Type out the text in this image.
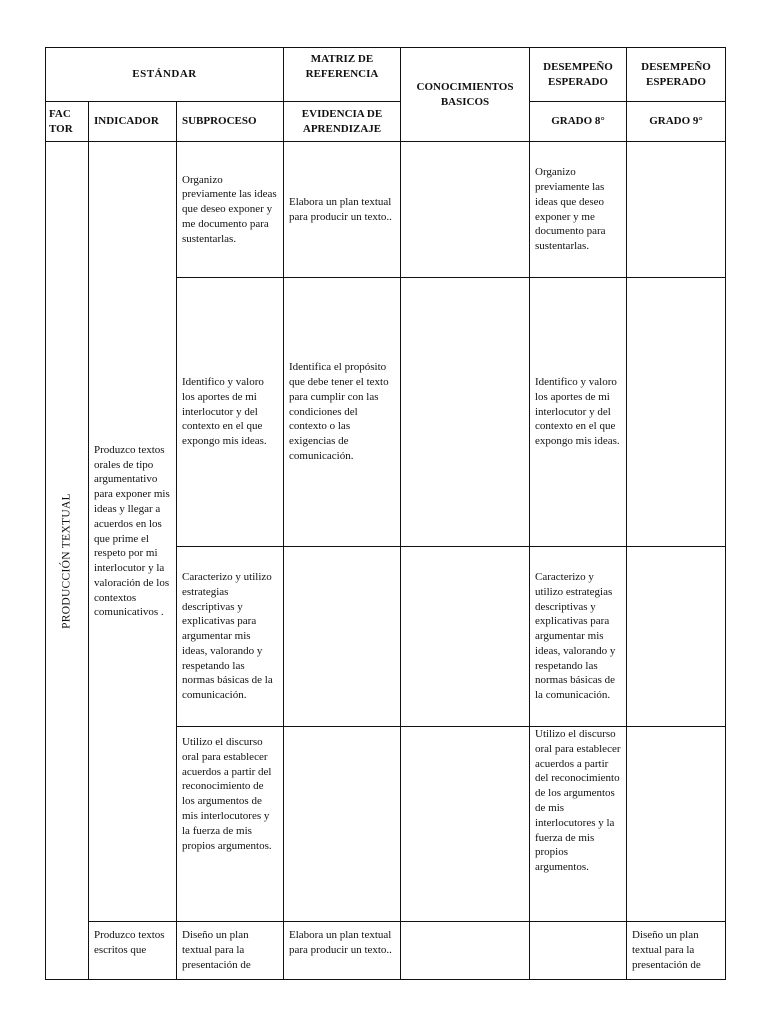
ESTÁNDAR			MATRIZ DE REFERENCIA	CONOCIMIENTOS BASICOS	DESEMPEÑO ESPERADO	DESEMPEÑO ESPERADO
FAC TOR	INDICADOR	SUBPROCESO	EVIDENCIA DE APRENDIZAJE		GRADO 8°	GRADO 9°

PRODUCCIÓN TEXTUAL	Produzco textos orales de tipo argumentativo para exponer mis ideas y llegar a acuerdos en los que prime el respeto por mi interlocutor y la valoración de los contextos comunicativos .	Organizo previamente las ideas que deseo exponer y me documento para sustentarlas.	Elabora un plan textual para producir un texto..		Organizo previamente las ideas que deseo exponer y me documento para sustentarlas.	
		Identifico y valoro los aportes de mi interlocutor y del contexto en el que expongo mis ideas.	Identifica el propósito que debe tener el texto para cumplir con las condiciones del contexto o las exigencias de comunicación.		Identifico y valoro los aportes de mi interlocutor y del contexto en el que expongo mis ideas.	
		Caracterizo y utilizo estrategias descriptivas y explicativas para argumentar mis ideas, valorando y respetando las normas básicas de la comunicación.			Caracterizo y utilizo estrategias descriptivas y explicativas para argumentar mis ideas, valorando y respetando las normas básicas de la comunicación.	
		Utilizo el discurso oral para establecer acuerdos a partir del reconocimiento de los argumentos de mis interlocutores y la fuerza de mis propios argumentos.			Utilizo el discurso oral para establecer acuerdos a partir del reconocimiento de los argumentos de mis interlocutores y la fuerza de mis propios argumentos.	
	Produzco textos escritos que	Diseño un plan textual para la presentación de	Elabora un plan textual para producir un texto..			Diseño un plan textual para la presentación de
